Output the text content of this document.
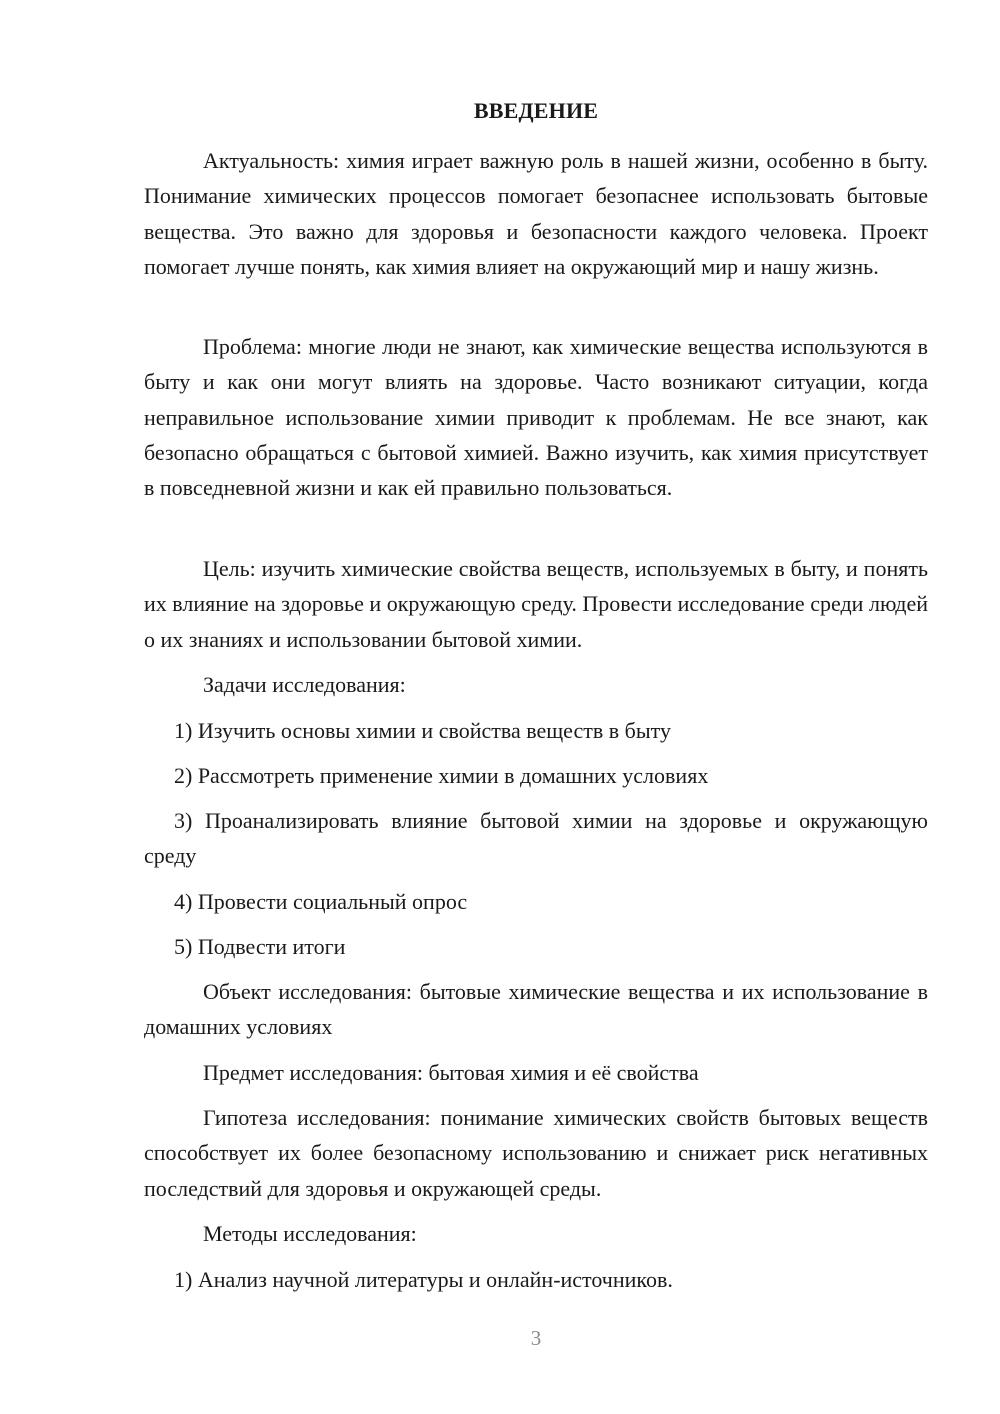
ВВЕДЕНИЕ

Актуальность: химия играет важную роль в нашей жизни, особенно в быту. Понимание химических процессов помогает безопаснее использовать бытовые вещества. Это важно для здоровья и безопасности каждого человека. Проект помогает лучше понять, как химия влияет на окружающий мир и нашу жизнь.

Проблема: многие люди не знают, как химические вещества используются в быту и как они могут влиять на здоровье. Часто возникают ситуации, когда неправильное использование химии приводит к проблемам. Не все знают, как безопасно обращаться с бытовой химией. Важно изучить, как химия присутствует в повседневной жизни и как ей правильно пользоваться.

Цель: изучить химические свойства веществ, используемых в быту, и понять их влияние на здоровье и окружающую среду. Провести исследование среди людей о их знаниях и использовании бытовой химии.

Задачи исследования:

1) Изучить основы химии и свойства веществ в быту

2) Рассмотреть применение химии в домашних условиях

3) Проанализировать влияние бытовой химии на здоровье и окружающую среду

4) Провести социальный опрос

5) Подвести итоги

Объект исследования: бытовые химические вещества и их использование в домашних условиях

Предмет исследования: бытовая химия и её свойства

Гипотеза исследования: понимание химических свойств бытовых веществ способствует их более безопасному использованию и снижает риск негативных последствий для здоровья и окружающей среды.

Методы исследования:

1) Анализ научной литературы и онлайн-источников.

3
